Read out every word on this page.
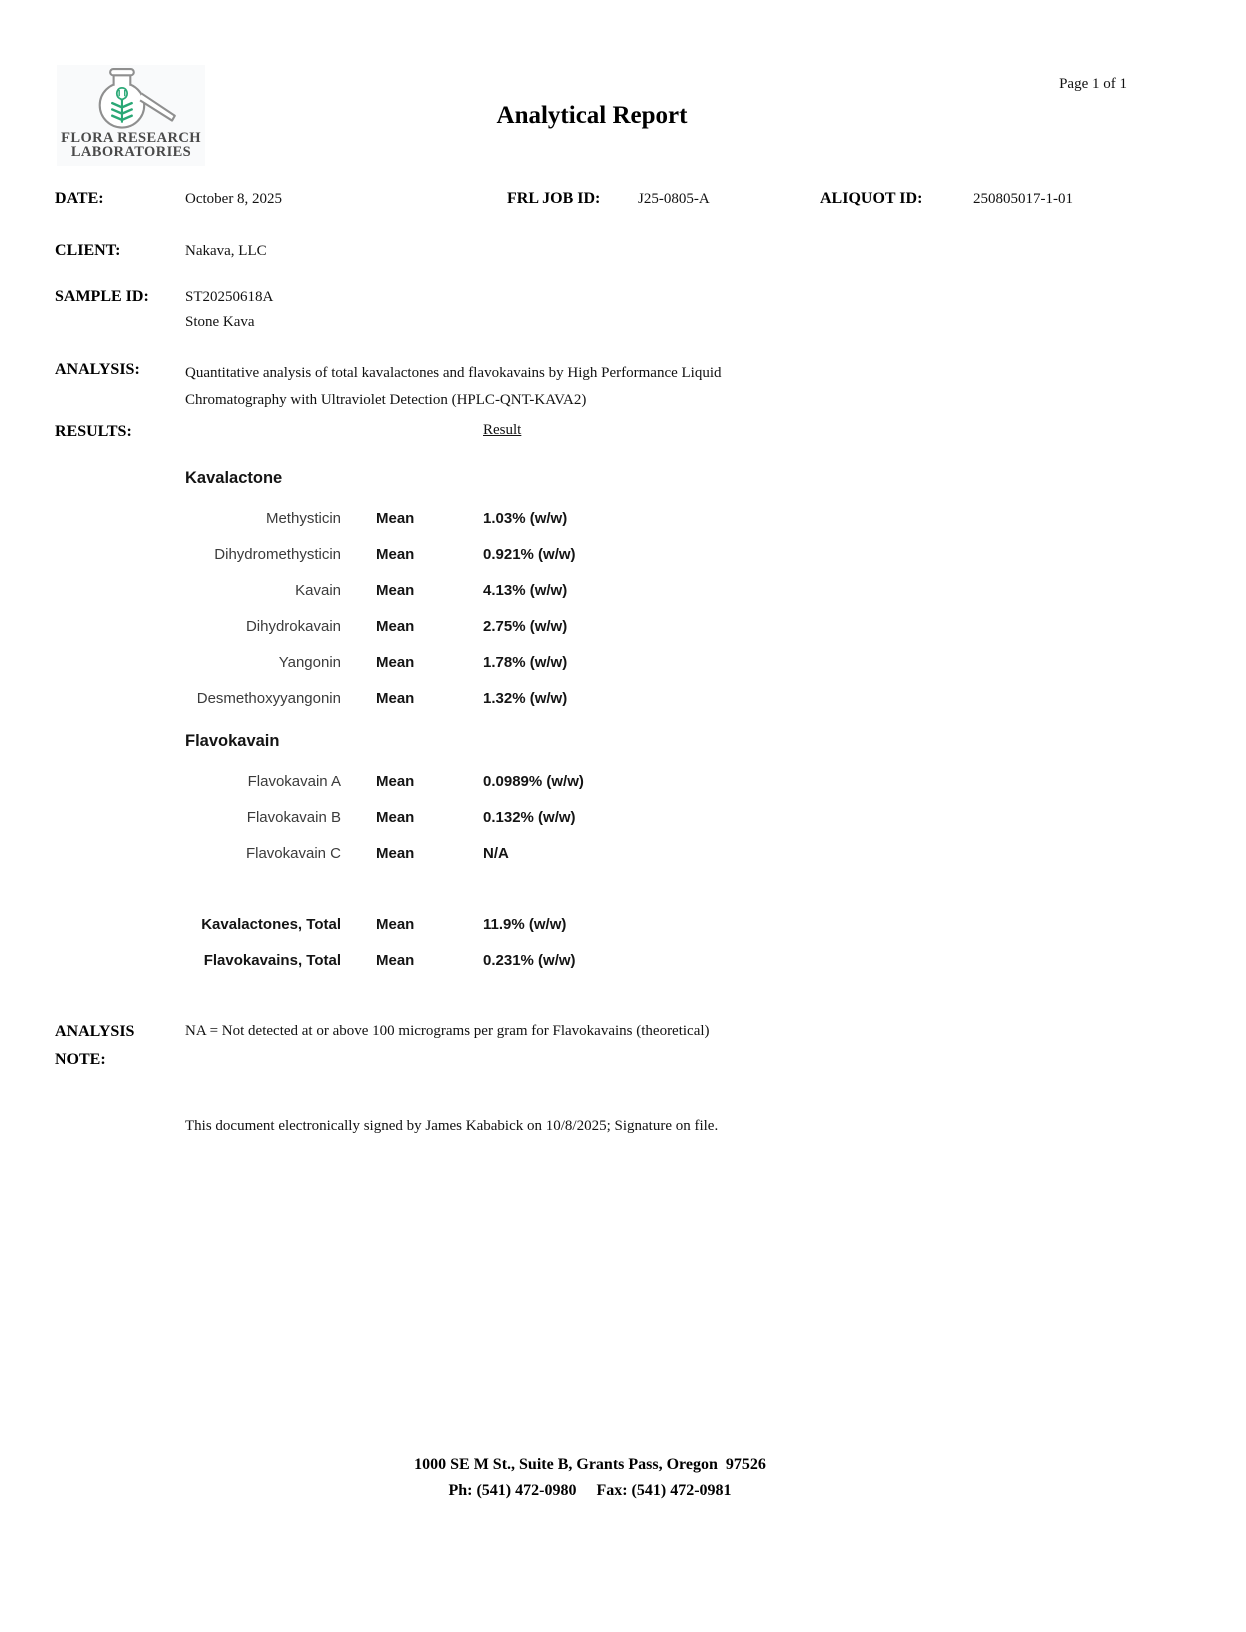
FLORA RESEARCH
LABORATORIES
Page 1 of 1
Analytical Report
DATE:	October 8, 2025	FRL JOB ID:	J25-0805-A	ALIQUOT ID:	250805017-1-01
CLIENT:	Nakava, LLC
SAMPLE ID: ST20250618A
Stone Kava
ANALYSIS:	Quantitative analysis of total kavalactones and flavokavains by High Performance Liquid
Chromatography with Ultraviolet Detection (HPLC-QNT-KAVA2)
RESULTS:	Result
Kavalactone
Methysticin Mean	1.03% (w/w)
Dihydromethysticin Mean	0.921% (w/w)
Kavain Mean	4.13% (w/w)
Dihydrokavain Mean	2.75% (w/w)
Yangonin Mean	1.78% (w/w)
Desmethoxyyangonin Mean	1.32% (w/w)
Flavokavain
Flavokavain A Mean	0.0989% (w/w)
Flavokavain B Mean	0.132% (w/w)
Flavokavain C Mean	N/A
Kavalactones, Total Mean	11.9% (w/w)
Flavokavains, Total Mean	0.231% (w/w)
ANALYSIS
NOTE:
NA = Not detected at or above 100 micrograms per gram for Flavokavains (theoretical)
This document electronically signed by James Kababick on 10/8/2025; Signature on file.
1000 SE M St., Suite B, Grants Pass, Oregon  97526
Ph: (541) 472-0980     Fax: (541) 472-0981
